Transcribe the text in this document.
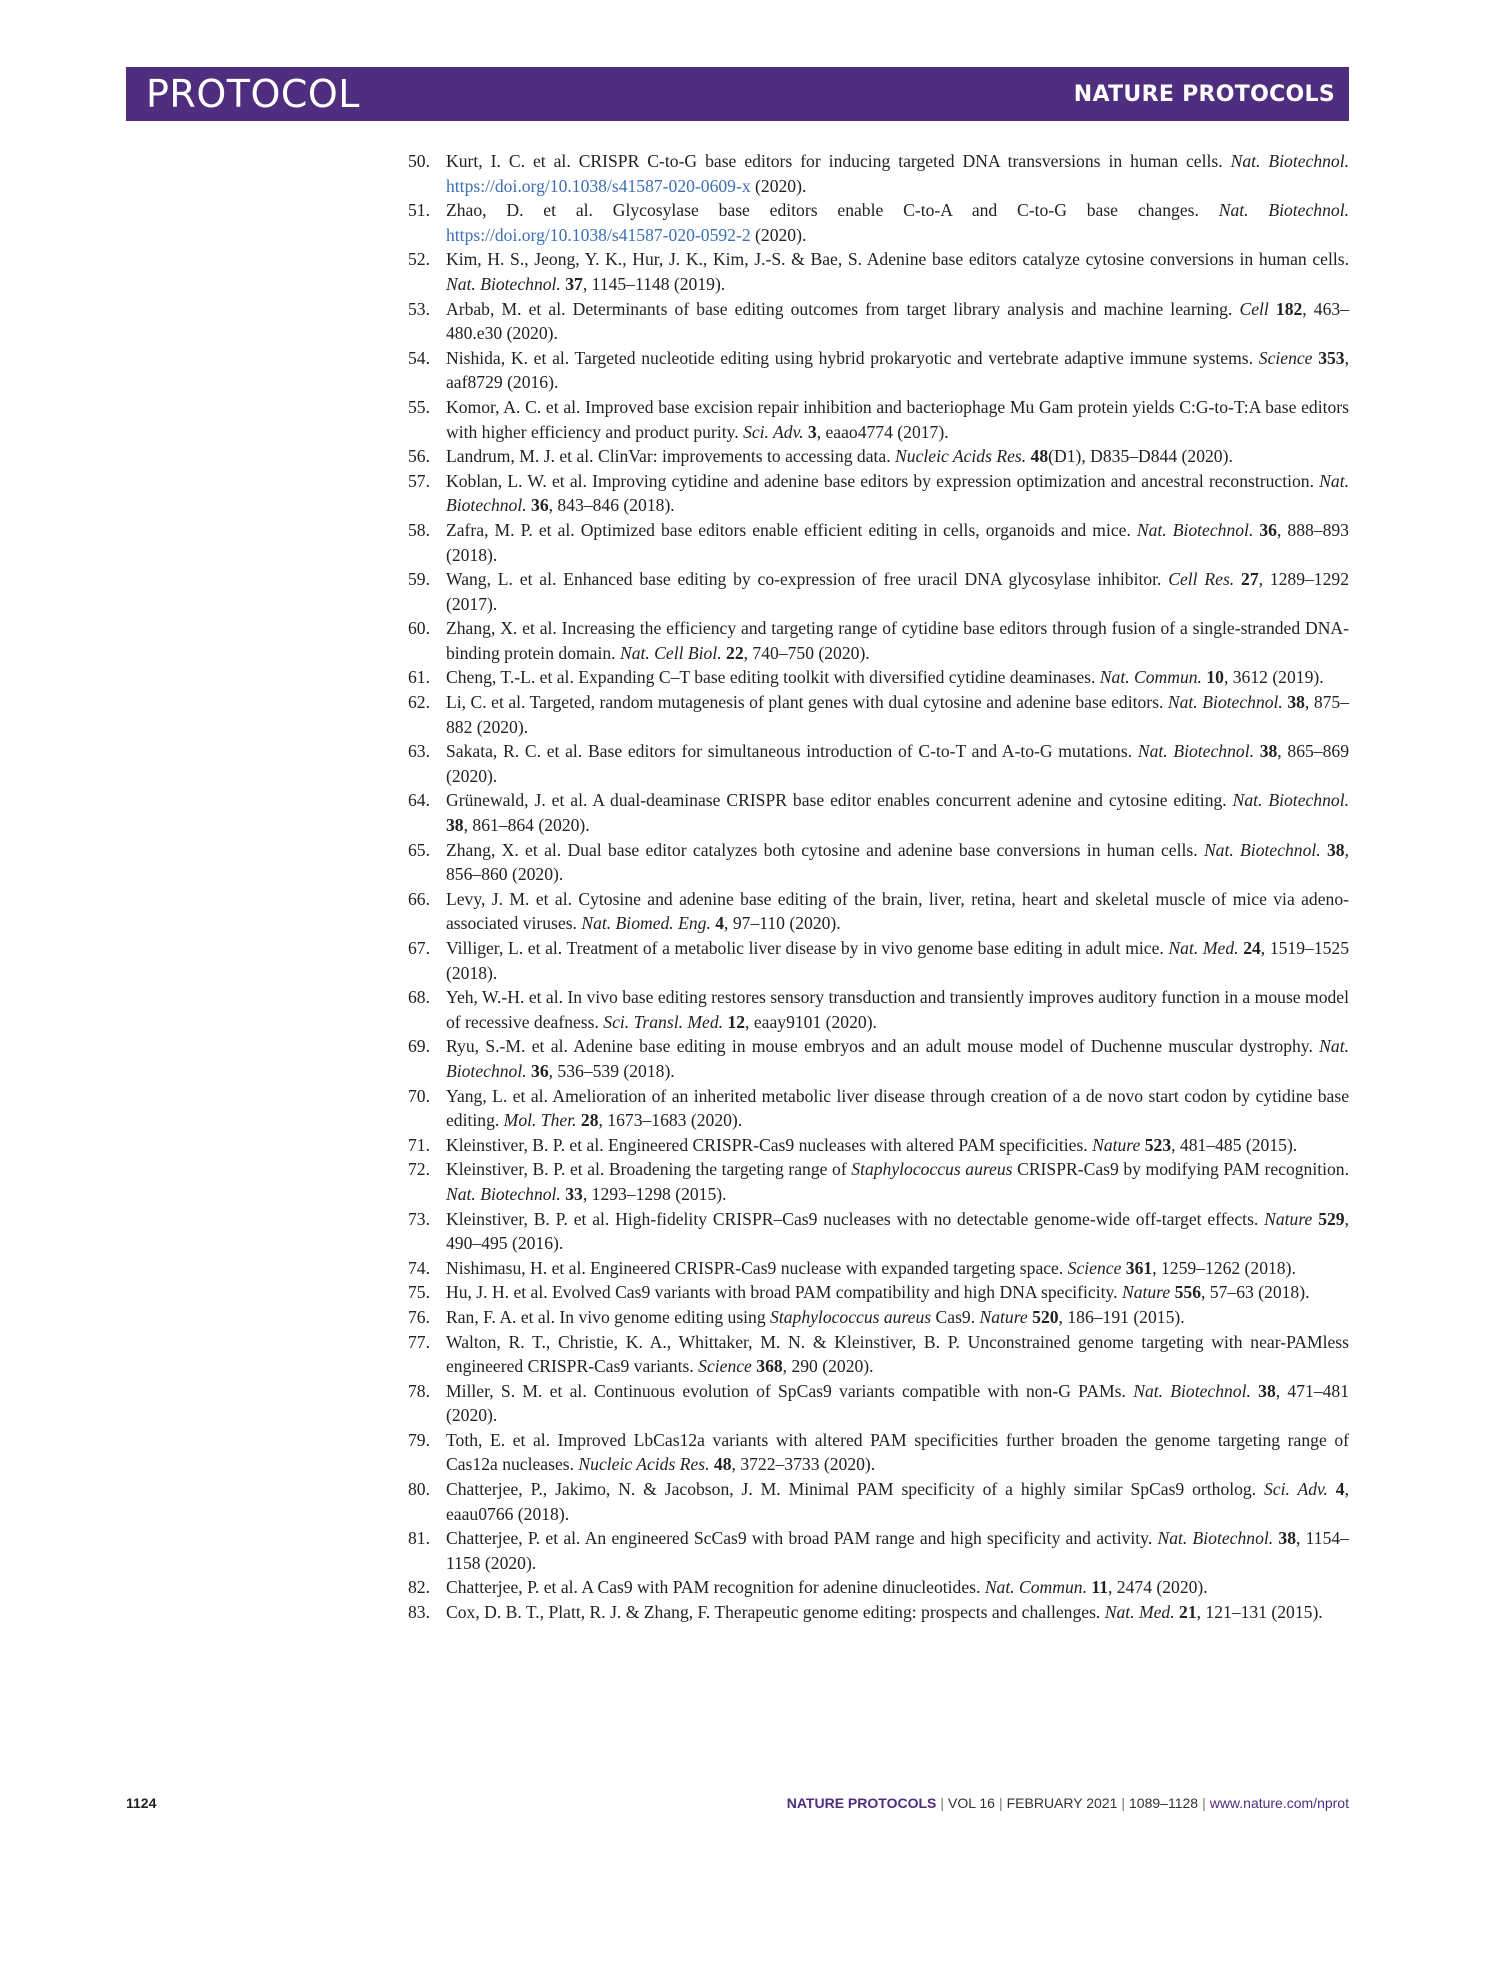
PROTOCOL	NATURE PROTOCOLS
50. Kurt, I. C. et al. CRISPR C-to-G base editors for inducing targeted DNA transversions in human cells. Nat. Biotechnol. https://doi.org/10.1038/s41587-020-0609-x (2020).
51. Zhao, D. et al. Glycosylase base editors enable C-to-A and C-to-G base changes. Nat. Biotechnol. https://doi.org/10.1038/s41587-020-0592-2 (2020).
52. Kim, H. S., Jeong, Y. K., Hur, J. K., Kim, J.-S. & Bae, S. Adenine base editors catalyze cytosine conversions in human cells. Nat. Biotechnol. 37, 1145–1148 (2019).
53. Arbab, M. et al. Determinants of base editing outcomes from target library analysis and machine learning. Cell 182, 463–480.e30 (2020).
54. Nishida, K. et al. Targeted nucleotide editing using hybrid prokaryotic and vertebrate adaptive immune systems. Science 353, aaf8729 (2016).
55. Komor, A. C. et al. Improved base excision repair inhibition and bacteriophage Mu Gam protein yields C:G-to-T:A base editors with higher efficiency and product purity. Sci. Adv. 3, eaao4774 (2017).
56. Landrum, M. J. et al. ClinVar: improvements to accessing data. Nucleic Acids Res. 48(D1), D835–D844 (2020).
57. Koblan, L. W. et al. Improving cytidine and adenine base editors by expression optimization and ancestral reconstruction. Nat. Biotechnol. 36, 843–846 (2018).
58. Zafra, M. P. et al. Optimized base editors enable efficient editing in cells, organoids and mice. Nat. Biotechnol. 36, 888–893 (2018).
59. Wang, L. et al. Enhanced base editing by co-expression of free uracil DNA glycosylase inhibitor. Cell Res. 27, 1289–1292 (2017).
60. Zhang, X. et al. Increasing the efficiency and targeting range of cytidine base editors through fusion of a single-stranded DNA-binding protein domain. Nat. Cell Biol. 22, 740–750 (2020).
61. Cheng, T.-L. et al. Expanding C–T base editing toolkit with diversified cytidine deaminases. Nat. Commun. 10, 3612 (2019).
62. Li, C. et al. Targeted, random mutagenesis of plant genes with dual cytosine and adenine base editors. Nat. Biotechnol. 38, 875–882 (2020).
63. Sakata, R. C. et al. Base editors for simultaneous introduction of C-to-T and A-to-G mutations. Nat. Biotechnol. 38, 865–869 (2020).
64. Grünewald, J. et al. A dual-deaminase CRISPR base editor enables concurrent adenine and cytosine editing. Nat. Biotechnol. 38, 861–864 (2020).
65. Zhang, X. et al. Dual base editor catalyzes both cytosine and adenine base conversions in human cells. Nat. Biotechnol. 38, 856–860 (2020).
66. Levy, J. M. et al. Cytosine and adenine base editing of the brain, liver, retina, heart and skeletal muscle of mice via adeno-associated viruses. Nat. Biomed. Eng. 4, 97–110 (2020).
67. Villiger, L. et al. Treatment of a metabolic liver disease by in vivo genome base editing in adult mice. Nat. Med. 24, 1519–1525 (2018).
68. Yeh, W.-H. et al. In vivo base editing restores sensory transduction and transiently improves auditory function in a mouse model of recessive deafness. Sci. Transl. Med. 12, eaay9101 (2020).
69. Ryu, S.-M. et al. Adenine base editing in mouse embryos and an adult mouse model of Duchenne muscular dystrophy. Nat. Biotechnol. 36, 536–539 (2018).
70. Yang, L. et al. Amelioration of an inherited metabolic liver disease through creation of a de novo start codon by cytidine base editing. Mol. Ther. 28, 1673–1683 (2020).
71. Kleinstiver, B. P. et al. Engineered CRISPR-Cas9 nucleases with altered PAM specificities. Nature 523, 481–485 (2015).
72. Kleinstiver, B. P. et al. Broadening the targeting range of Staphylococcus aureus CRISPR-Cas9 by modifying PAM recognition. Nat. Biotechnol. 33, 1293–1298 (2015).
73. Kleinstiver, B. P. et al. High-fidelity CRISPR–Cas9 nucleases with no detectable genome-wide off-target effects. Nature 529, 490–495 (2016).
74. Nishimasu, H. et al. Engineered CRISPR-Cas9 nuclease with expanded targeting space. Science 361, 1259–1262 (2018).
75. Hu, J. H. et al. Evolved Cas9 variants with broad PAM compatibility and high DNA specificity. Nature 556, 57–63 (2018).
76. Ran, F. A. et al. In vivo genome editing using Staphylococcus aureus Cas9. Nature 520, 186–191 (2015).
77. Walton, R. T., Christie, K. A., Whittaker, M. N. & Kleinstiver, B. P. Unconstrained genome targeting with near-PAMless engineered CRISPR-Cas9 variants. Science 368, 290 (2020).
78. Miller, S. M. et al. Continuous evolution of SpCas9 variants compatible with non-G PAMs. Nat. Biotechnol. 38, 471–481 (2020).
79. Toth, E. et al. Improved LbCas12a variants with altered PAM specificities further broaden the genome targeting range of Cas12a nucleases. Nucleic Acids Res. 48, 3722–3733 (2020).
80. Chatterjee, P., Jakimo, N. & Jacobson, J. M. Minimal PAM specificity of a highly similar SpCas9 ortholog. Sci. Adv. 4, eaau0766 (2018).
81. Chatterjee, P. et al. An engineered ScCas9 with broad PAM range and high specificity and activity. Nat. Biotechnol. 38, 1154–1158 (2020).
82. Chatterjee, P. et al. A Cas9 with PAM recognition for adenine dinucleotides. Nat. Commun. 11, 2474 (2020).
83. Cox, D. B. T., Platt, R. J. & Zhang, F. Therapeutic genome editing: prospects and challenges. Nat. Med. 21, 121–131 (2015).
1124	NATURE PROTOCOLS | VOL 16 | FEBRUARY 2021 | 1089–1128 | www.nature.com/nprot
